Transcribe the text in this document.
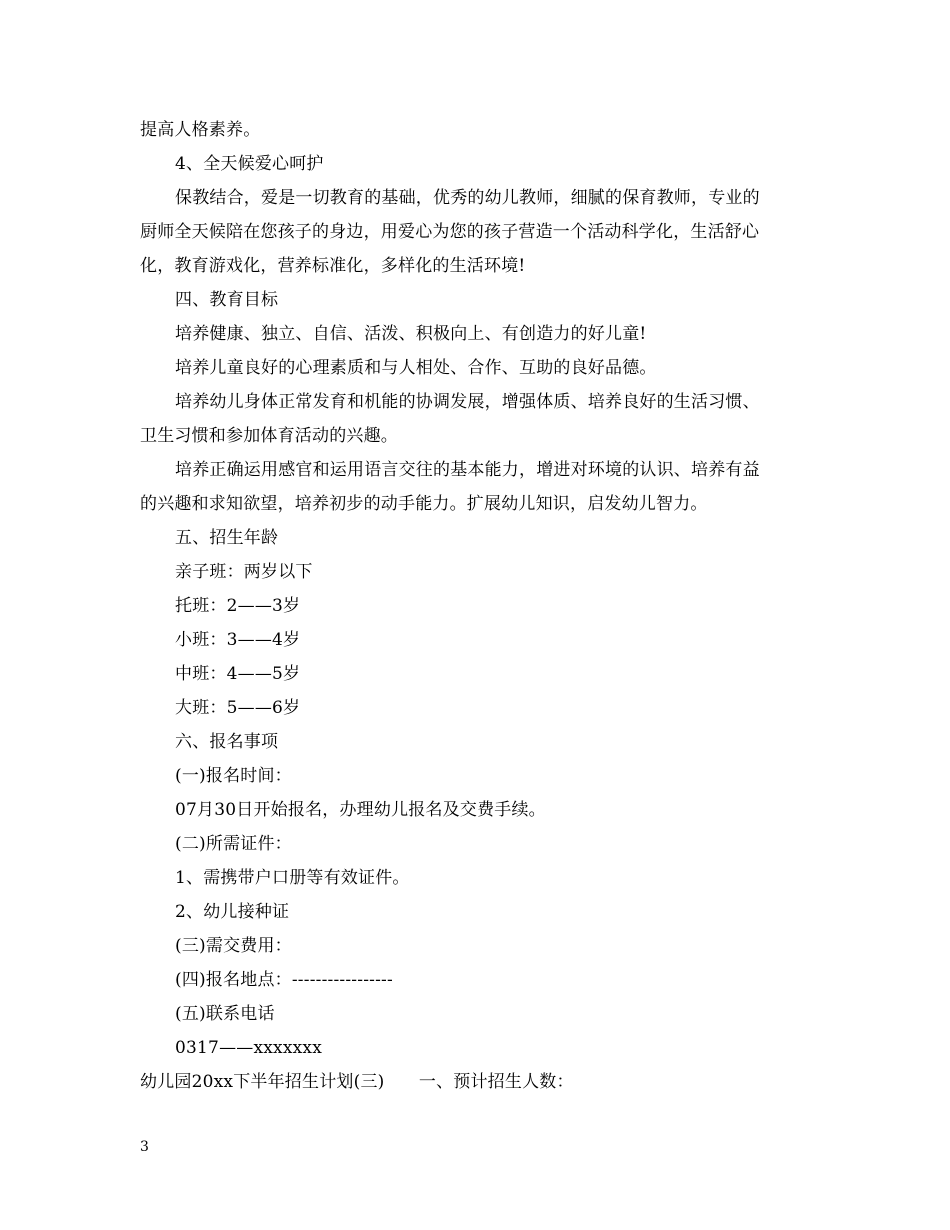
提高人格素养。
4、全天候爱心呵护
保教结合，爱是一切教育的基础，优秀的幼儿教师，细腻的保育教师，专业的
厨师全天候陪在您孩子的身边，用爱心为您的孩子营造一个活动科学化，生活舒心
化，教育游戏化，营养标准化，多样化的生活环境!
四、教育目标
培养健康、独立、自信、活泼、积极向上、有创造力的好儿童!
培养儿童良好的心理素质和与人相处、合作、互助的良好品德。
培养幼儿身体正常发育和机能的协调发展，增强体质、培养良好的生活习惯、
卫生习惯和参加体育活动的兴趣。
培养正确运用感官和运用语言交往的基本能力，增进对环境的认识、培养有益
的兴趣和求知欲望，培养初步的动手能力。扩展幼儿知识，启发幼儿智力。
五、招生年龄
亲子班：两岁以下
托班：2——3岁
小班：3——4岁
中班：4——5岁
大班：5——6岁
六、报名事项
(一)报名时间：
07月30日开始报名，办理幼儿报名及交费手续。
(二)所需证件：
1、需携带户口册等有效证件。
2、幼儿接种证
(三)需交费用：
(四)报名地点：-----------------
(五)联系电话
0317——xxxxxxx
幼儿园20xx下半年招生计划(三)　　一、预计招生人数：
3
